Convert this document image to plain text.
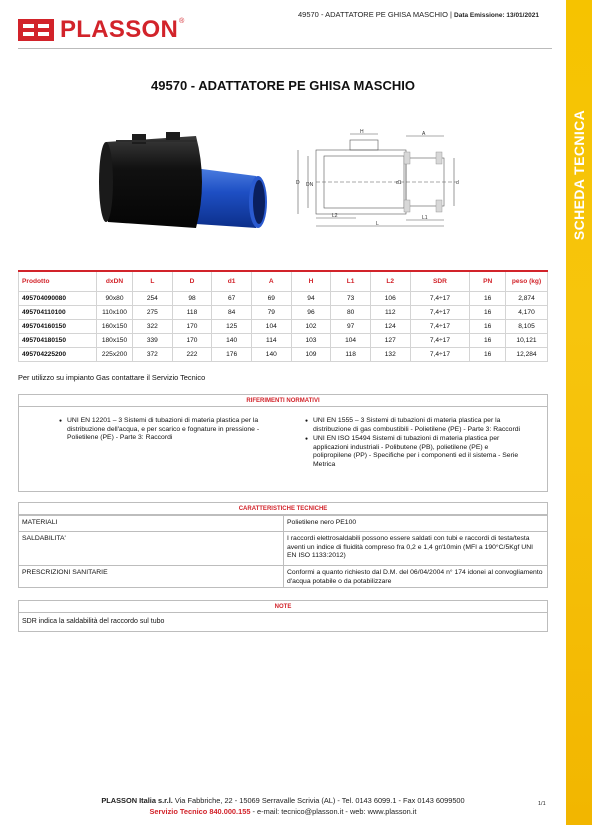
PLASSON ®
49570 - ADATTATORE PE GHISA MASCHIO | Data Emissione: 13/01/2021
SCHEDA TECNICA
49570 - ADATTATORE PE GHISA MASCHIO
H	A
D DN	d1	d
L2	L1
L
Prodotto	dxDN	L	D	d1	A	H	L1	L2	SDR	PN	peso (kg)
495704090080	90x80	254	98	67	69	94	73	106	7,4÷17	16	2,874
495704110100	110x100	275	118	84	79	96	80	112	7,4÷17	16	4,170
495704160150	160x150	322	170	125	104	102	97	124	7,4÷17	16	8,105
495704180150	180x150	339	170	140	114	103	104	127	7,4÷17	16	10,121
495704225200	225x200	372	222	176	140	109	118	132	7,4÷17	16	12,284
Per utilizzo su impianto Gas contattare il Servizio Tecnico
RIFERIMENTI NORMATIVI
● UNI EN 12201 – 3 Sistemi di tubazioni di materia plastica per la distribuzione dell'acqua, e per scarico e fognature in pressione - Polietilene (PE) - Parte 3: Raccordi
● UNI EN 1555 – 3 Sistemi di tubazioni di materia plastica per la distribuzione di gas combustibili - Polietilene (PE) - Parte 3: Raccordi
● UNI EN ISO 15494 Sistemi di tubazioni di materia plastica per applicazioni industriali - Polibutene (PB), polietilene (PE) e polipropilene (PP) - Specifiche per i componenti ed il sistema - Serie Metrica
CARATTERISTICHE TECNICHE
MATERIALI	Polietilene nero PE100
SALDABILITA'	I raccordi elettrosaldabili possono essere saldati con tubi e raccordi di testa/testa aventi un indice di fluidità compreso fra 0,2 e 1,4 gr/10min (MFI a 190°C/5Kgf UNI EN ISO 1133:2012)
PRESCRIZIONI SANITARIE	Conformi a quanto richiesto dal D.M. del 06/04/2004 n° 174 idonei al convogliamento d'acqua potabile o da potabilizzare
NOTE
SDR indica la saldabilità del raccordo sul tubo
PLASSON Italia s.r.l. Via Fabbriche, 22 - 15069 Serravalle Scrivia (AL) - Tel. 0143 6099.1 - Fax 0143 6099500
Servizio Tecnico 840.000.155 - e-mail: tecnico@plasson.it - web: www.plasson.it
1/1
